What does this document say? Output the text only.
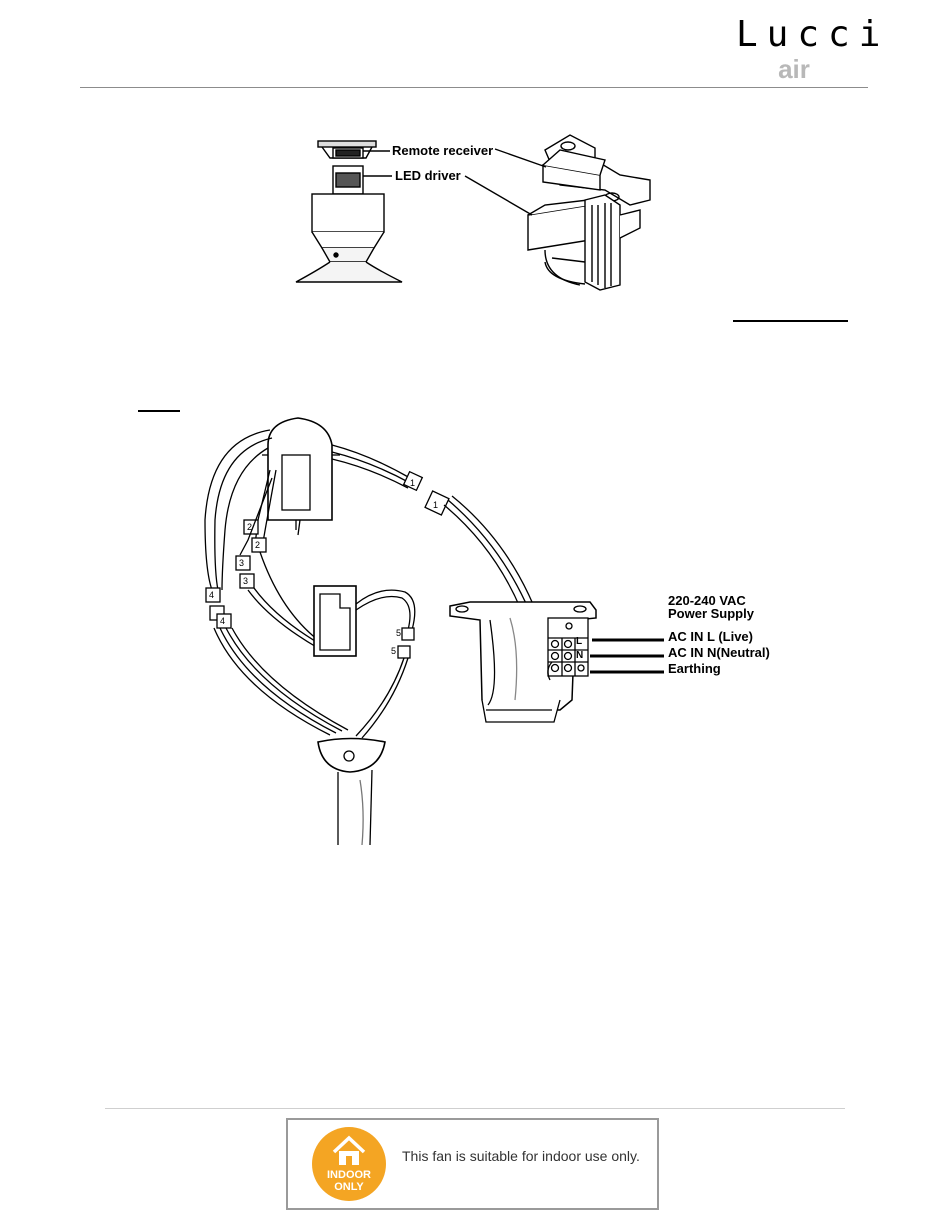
Lucci
air
Remote receiver
LED driver
1
1
2
2
3
3
4
4
5
5
L
N
220-240 VAC
Power Supply
AC IN L (Live)
AC IN N(Neutral)
Earthing
INDOOR
ONLY
This fan is suitable for indoor use only.
